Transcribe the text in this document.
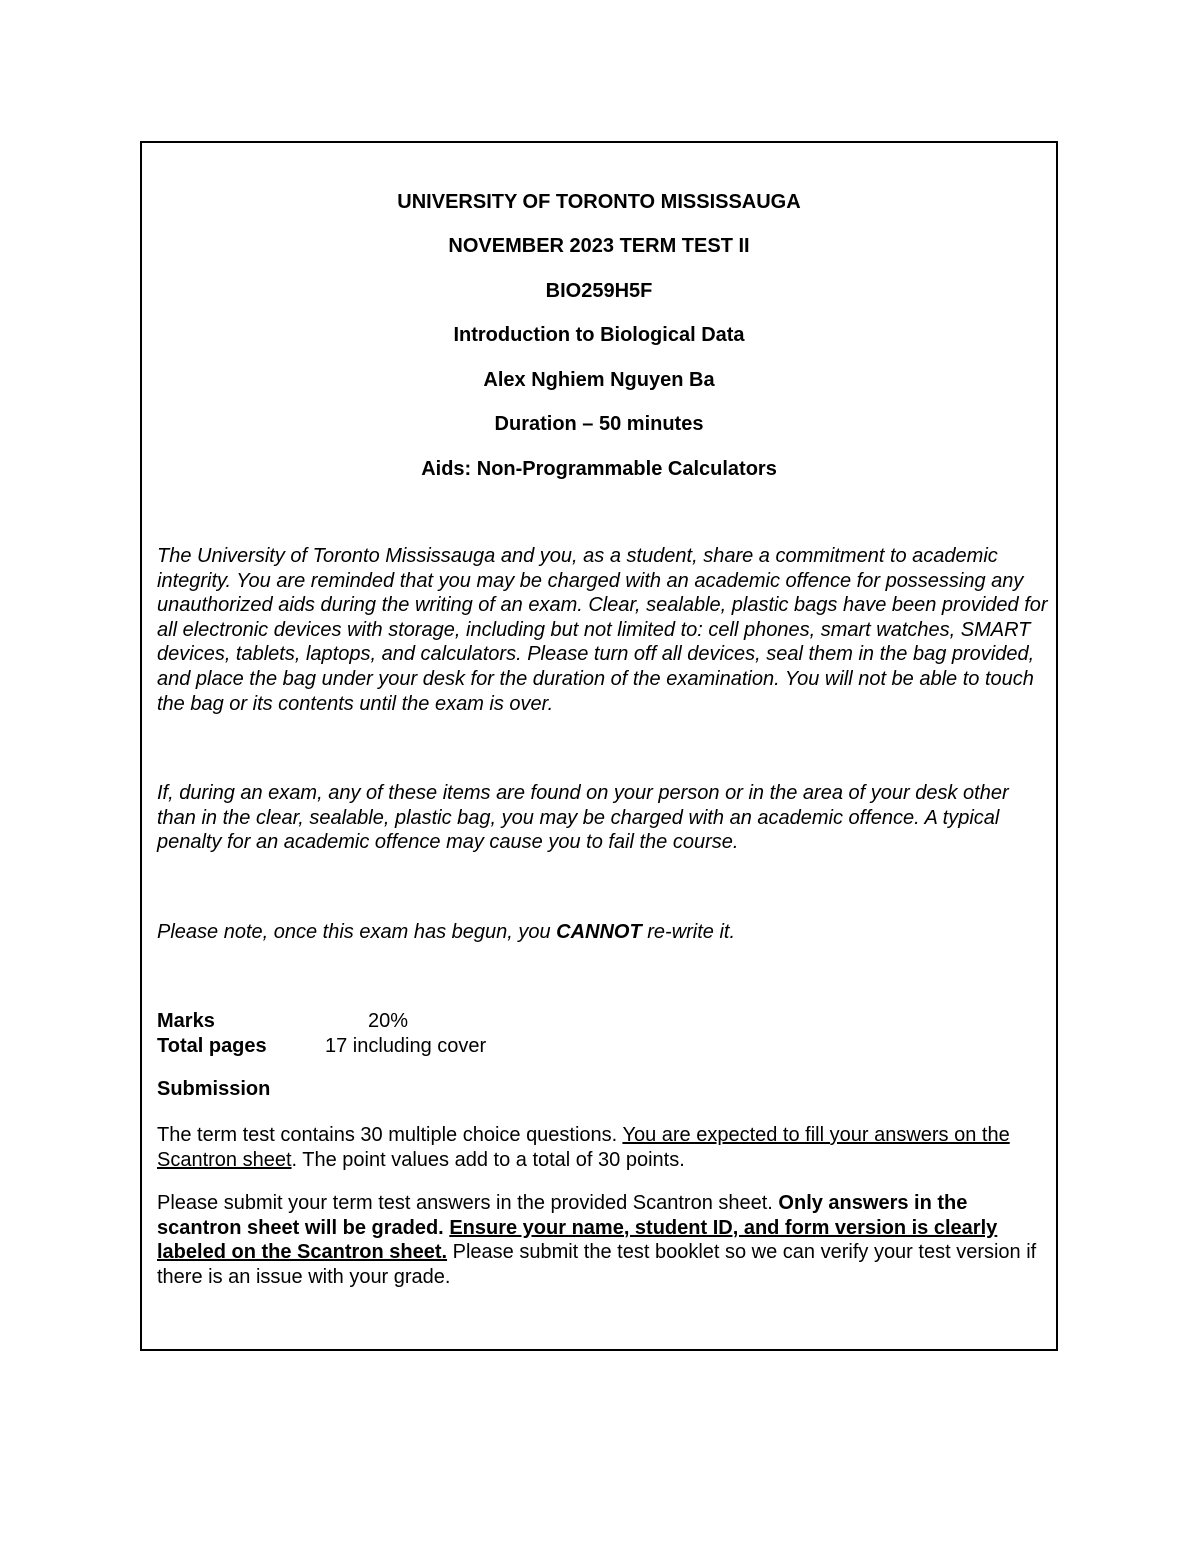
UNIVERSITY OF TORONTO MISSISSAUGA

NOVEMBER 2023 TERM TEST II

BIO259H5F

Introduction to Biological Data

Alex Nghiem Nguyen Ba

Duration – 50 minutes

Aids: Non-Programmable Calculators

The University of Toronto Mississauga and you, as a student, share a commitment to academic integrity. You are reminded that you may be charged with an academic offence for possessing any unauthorized aids during the writing of an exam. Clear, sealable, plastic bags have been provided for all electronic devices with storage, including but not limited to: cell phones, smart watches, SMART devices, tablets, laptops, and calculators. Please turn off all devices, seal them in the bag provided, and place the bag under your desk for the duration of the examination. You will not be able to touch the bag or its contents until the exam is over.

If, during an exam, any of these items are found on your person or in the area of your desk other than in the clear, sealable, plastic bag, you may be charged with an academic offence. A typical penalty for an academic offence may cause you to fail the course.

Please note, once this exam has begun, you CANNOT re-write it.

Marks	20%
Total pages	17 including cover

Submission

The term test contains 30 multiple choice questions. You are expected to fill your answers on the Scantron sheet. The point values add to a total of 30 points.

Please submit your term test answers in the provided Scantron sheet. Only answers in the scantron sheet will be graded. Ensure your name, student ID, and form version is clearly labeled on the Scantron sheet. Please submit the test booklet so we can verify your test version if there is an issue with your grade.
